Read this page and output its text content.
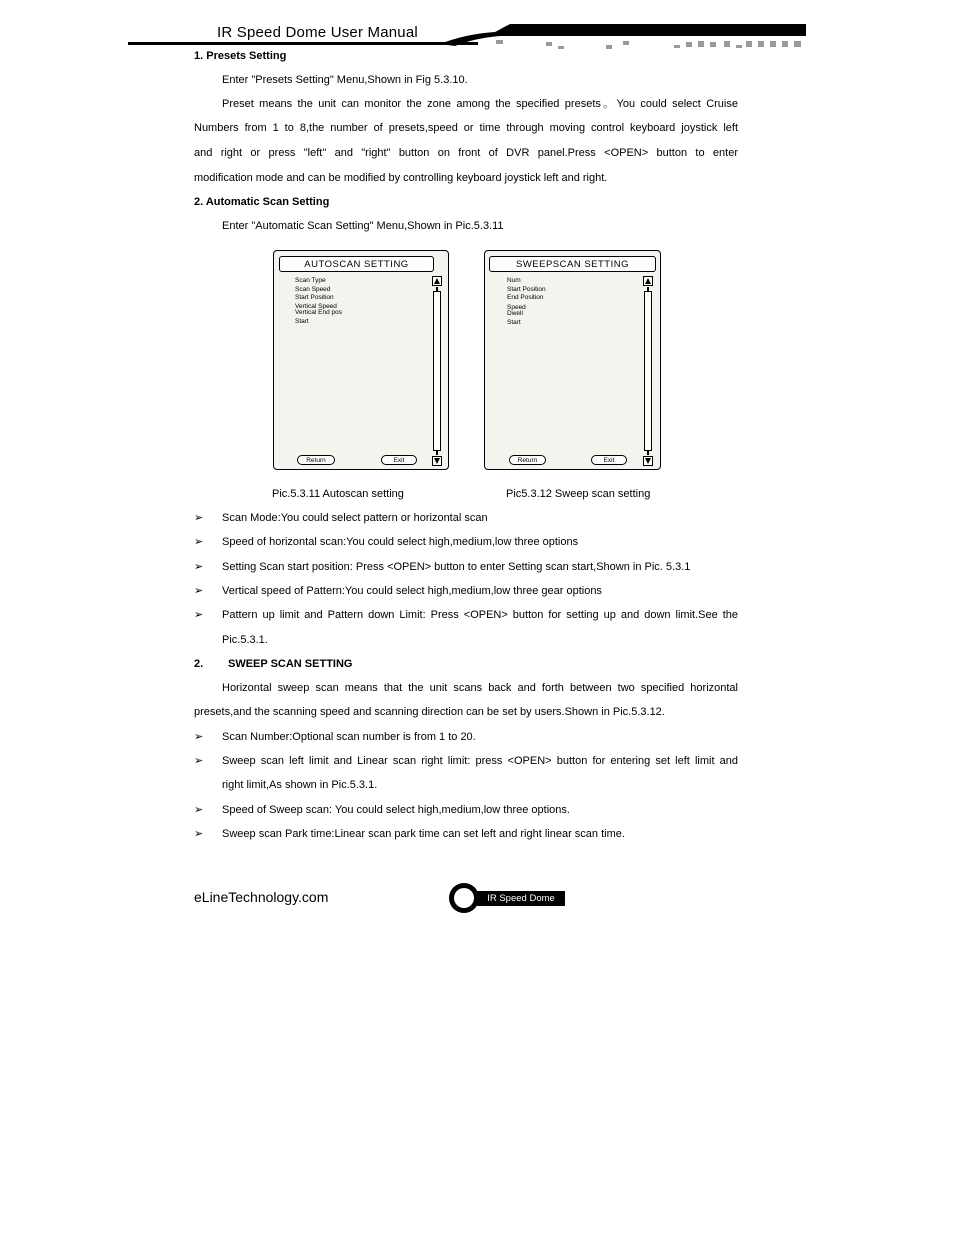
IR Speed Dome User Manual
1. Presets Setting
Enter "Presets Setting" Menu,Shown in Fig 5.3.10.
Preset means the unit can monitor the zone among the specified presets。You could select Cruise
Numbers from 1 to 8,the number of presets,speed or time through moving control keyboard joystick left
and right or press "left" and "right" button on front of DVR panel.Press <OPEN> button to enter
modification mode and can be modified by controlling keyboard joystick left and right.
2. Automatic Scan Setting
Enter "Automatic Scan Setting" Menu,Shown in Pic.5.3.11
AUTOSCAN SETTING
Scan Type
Scan Speed
Start Position
Vertical Speed
Vertical End pos
Start
Return	Exit
SWEEPSCAN SETTING
Num
Start Position
End Position
Speed
Dwell
Start
Return	Exit
Pic.5.3.11 Autoscan setting	Pic5.3.12 Sweep scan setting
➢ Scan Mode:You could select pattern or horizontal scan
➢ Speed of horizontal scan:You could select high,medium,low three options
➢ Setting Scan start position: Press <OPEN> button to enter Setting scan start,Shown in Pic. 5.3.1
➢ Vertical speed of Pattern:You could select high,medium,low three gear options
➢ Pattern up limit and Pattern down Limit: Press <OPEN> button for setting up and down limit.See the
Pic.5.3.1.
2. SWEEP SCAN SETTING
Horizontal sweep scan means that the unit scans back and forth between two specified horizontal
presets,and the scanning speed and scanning direction can be set by users.Shown in Pic.5.3.12.
➢ Scan Number:Optional scan number is from 1 to 20.
➢ Sweep scan left limit and Linear scan right limit: press <OPEN> button for entering set left limit and
right limit,As shown in Pic.5.3.1.
➢ Speed of Sweep scan: You could select high,medium,low three options.
➢ Sweep scan Park time:Linear scan park time can set left and right linear scan time.
eLineTechnology.com	IR Speed Dome
